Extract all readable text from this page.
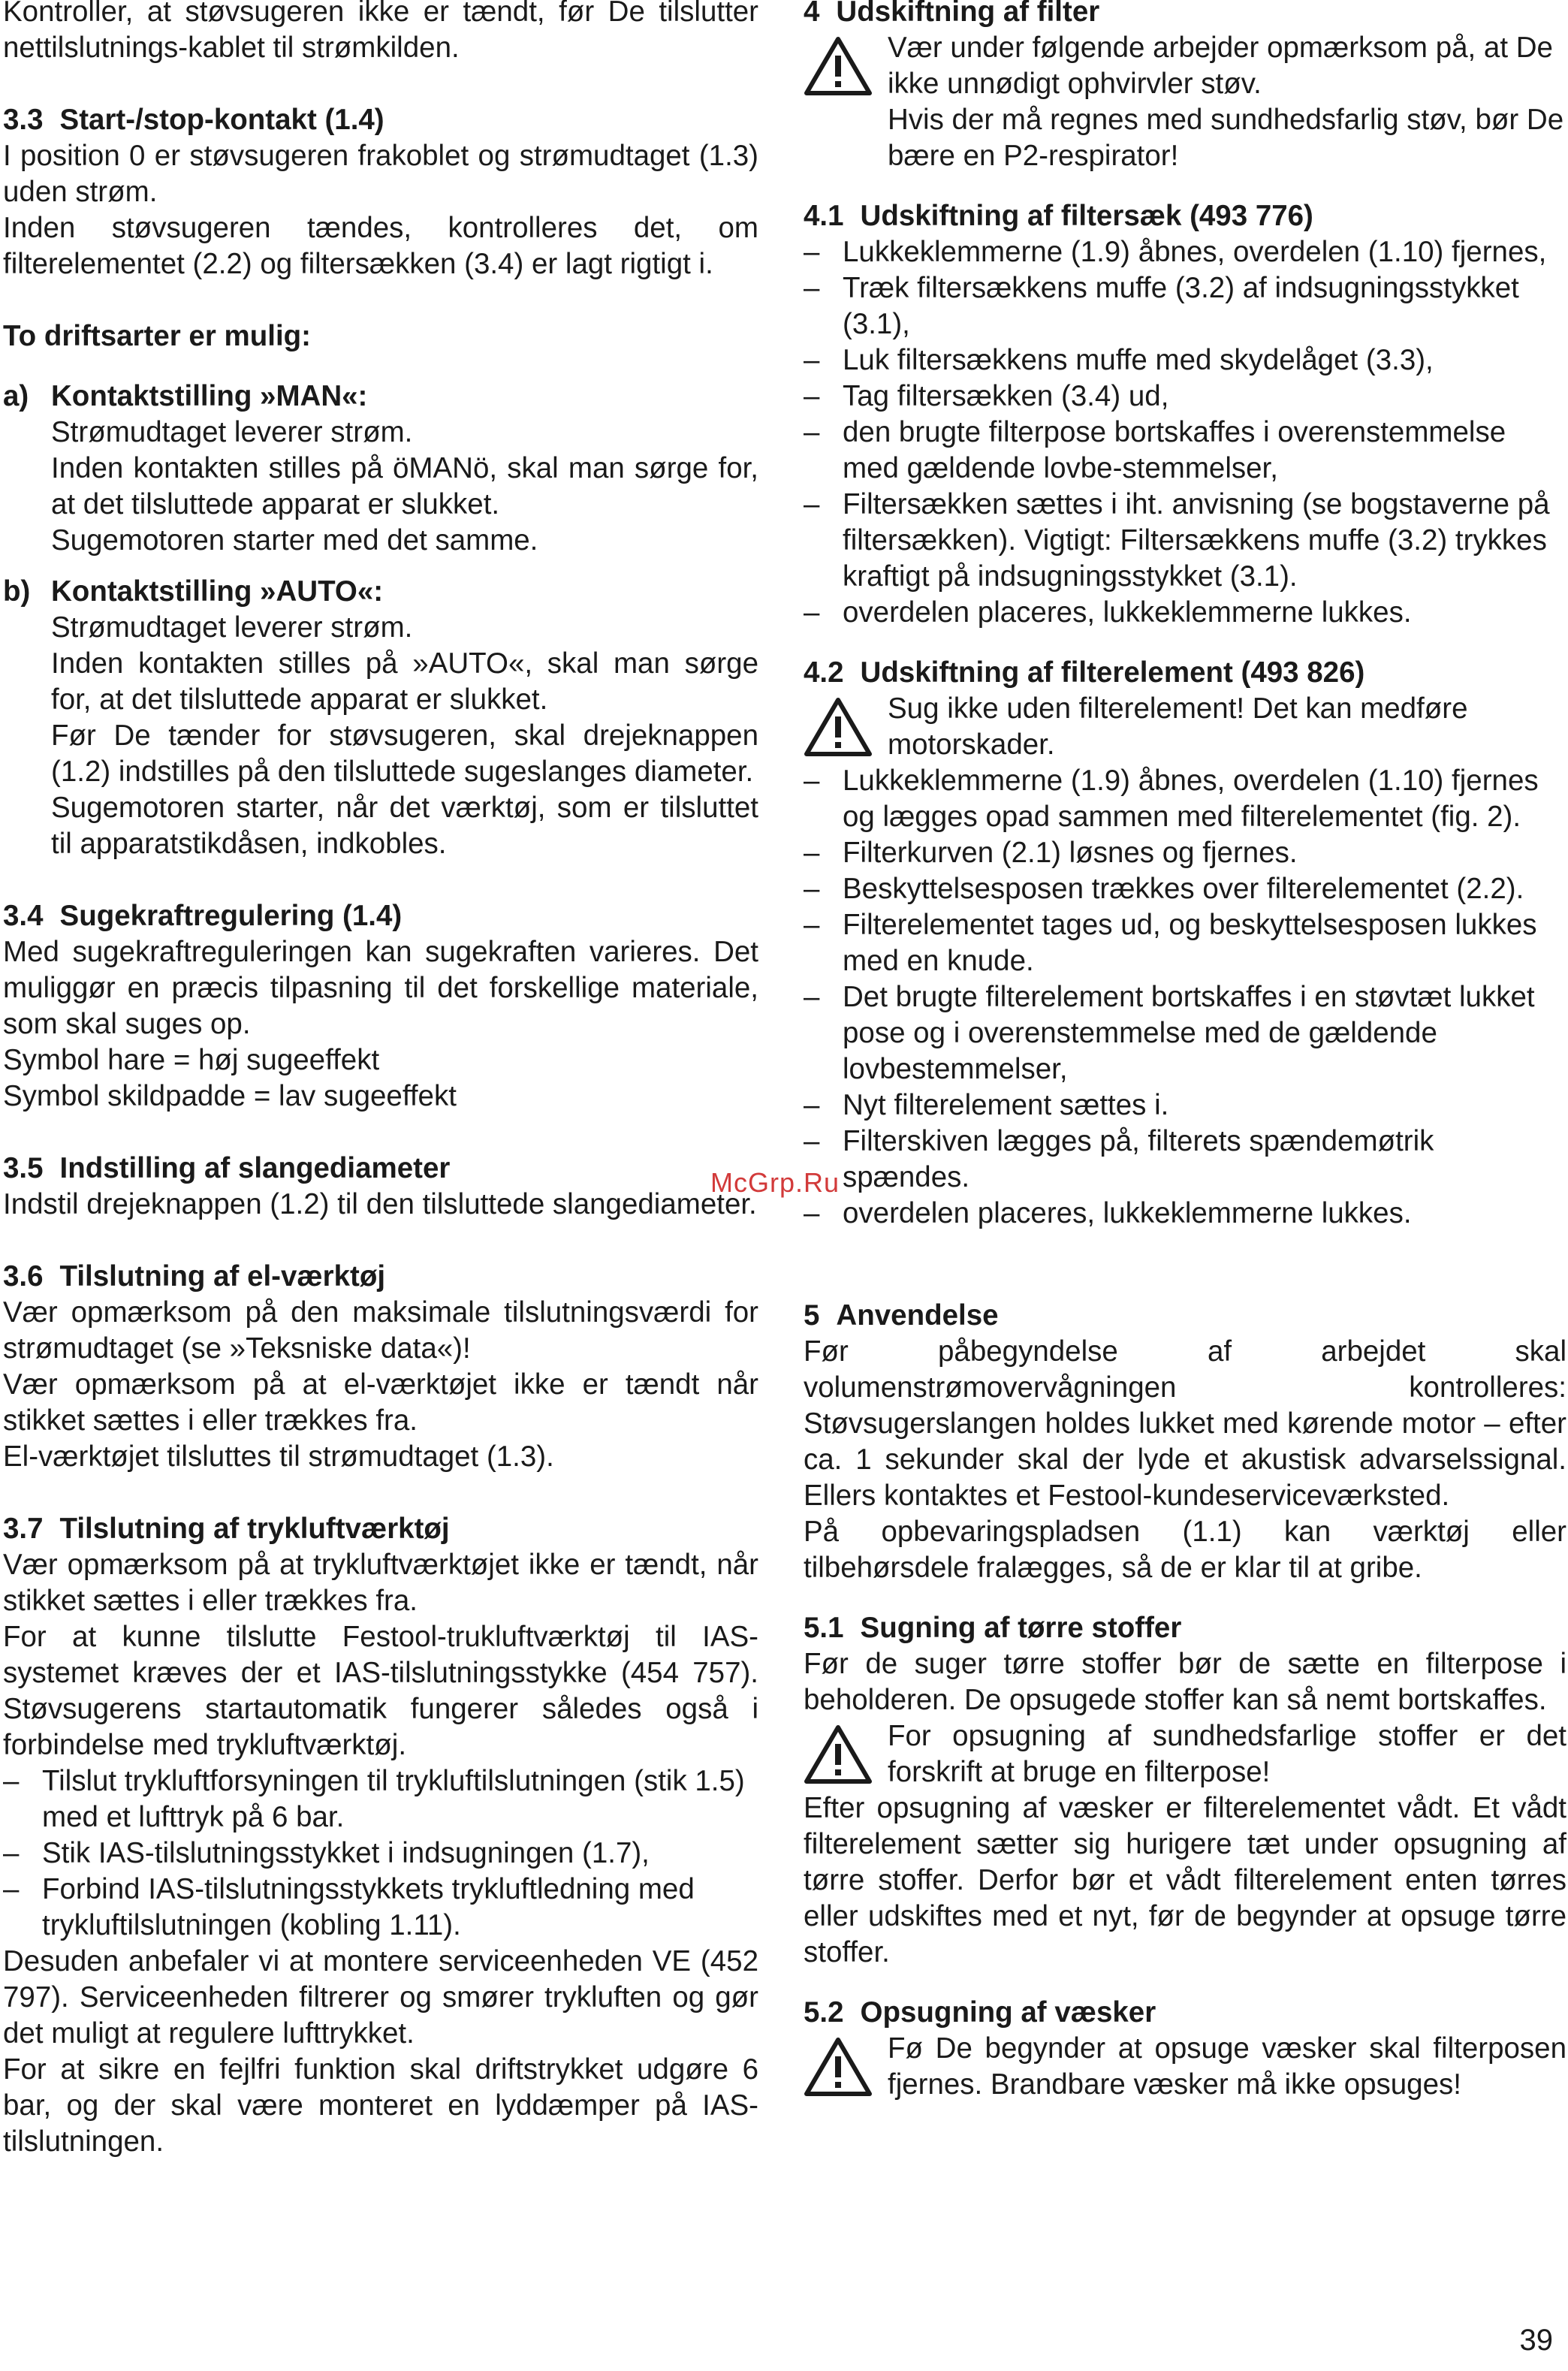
Kontroller, at støvsugeren ikke er tændt, før De tilslutter nettilslutnings-kablet til strømkilden.

3.3 Start-/stop-kontakt (1.4)

I position 0 er støvsugeren frakoblet og strømudtaget (1.3) uden strøm.

Inden støvsugeren tændes, kontrolleres det, om filterelementet (2.2) og filtersækken (3.4) er lagt rigtigt i.

To driftsarter er mulig:
a) Kontaktstilling »MAN«:

Strømudtaget leverer strøm.

Inden kontakten stilles på öMANö, skal man sørge for, at det tilsluttede apparat er slukket.

Sugemotoren starter med det samme.

b) Kontaktstilling »AUTO«:

Strømudtaget leverer strøm.

Inden kontakten stilles på »AUTO«, skal man sørge for, at det tilsluttede apparat er slukket.

Før De tænder for støvsugeren, skal drejeknappen (1.2) indstilles på den tilsluttede sugeslanges diameter.

Sugemotoren starter, når det værktøj, som er tilsluttet til apparatstikdåsen, indkobles.

3.4 Sugekraftregulering (1.4)

Med sugekraftreguleringen kan sugekraften varieres. Det muliggør en præcis tilpasning til det forskellige materiale, som skal suges op.

Symbol hare = høj sugeeffekt

Symbol skildpadde = lav sugeeffekt

3.5 Indstilling af slangediameter

Indstil drejeknappen (1.2) til den tilsluttede slangediameter.

3.6 Tilslutning af el-værktøj

Vær opmærksom på den maksimale tilslutningsværdi for strømudtaget (se »Teksniske data«)!

Vær opmærksom på at el-værktøjet ikke er tændt når stikket sættes i eller trækkes fra.

El-værktøjet tilsluttes til strømudtaget (1.3).

3.7 Tilslutning af trykluftværktøj

Vær opmærksom på at trykluftværktøjet ikke er tændt, når stikket sættes i eller trækkes fra.

For at kunne tilslutte Festool-trukluftværktøj til IAS-systemet kræves der et IAS-tilslutningsstykke (454 757). Støvsugerens startautomatik fungerer således også i forbindelse med trykluftværktøj.

– Tilslut trykluftforsyningen til trykluftilslutningen (stik 1.5) med et lufttryk på 6 bar.
– Stik IAS-tilslutningsstykket i indsugningen (1.7),
– Forbind IAS-tilslutningsstykkets trykluftledning med trykluftilslutningen (kobling 1.11).

Desuden anbefaler vi at montere serviceenheden VE (452 797). Serviceenheden filtrerer og smører trykluften og gør det muligt at regulere lufttrykket.

For at sikre en fejlfri funktion skal driftstrykket udgøre 6 bar, og der skal være monteret en lyddæmper på IAS-tilslutningen.

4 Udskiftning af filter

Vær under følgende arbejder opmærksom på, at De ikke unnødigt ophvirvler støv.

Hvis der må regnes med sundhedsfarlig støv, bør De bære en P2-respirator!

4.1 Udskiftning af filtersæk (493 776)
– Lukkeklemmerne (1.9) åbnes, overdelen (1.10) fjernes,
– Træk filtersækkens muffe (3.2) af indsugningsstykket (3.1),
– Luk filtersækkens muffe med skydelåget (3.3),
– Tag filtersækken (3.4) ud,
– den brugte filterpose bortskaffes i overenstemmelse med gældende lovbe-stemmelser,
– Filtersækken sættes i iht. anvisning (se bogstaverne på filtersækken). Vigtigt: Filtersækkens muffe (3.2) trykkes kraftigt på indsugningsstykket (3.1).
– overdelen placeres, lukkeklemmerne lukkes.
4.2 Udskiftning af filterelement (493 826)

Sug ikke uden filterelement! Det kan medføre motorskader.

– Lukkeklemmerne (1.9) åbnes, overdelen (1.10) fjernes og lægges opad sammen med filterelementet (fig. 2).
– Filterkurven (2.1) løsnes og fjernes.
– Beskyttelsesposen trækkes over filterelementet (2.2).
– Filterelementet tages ud, og beskyttelsesposen lukkes med en knude.
– Det brugte filterelement bortskaffes i en støvtæt lukket pose og i overenstemmelse med de gældende lovbestemmelser,
– Nyt filterelement sættes i.
– Filterskiven lægges på, filterets spændemøtrik spændes.
– overdelen placeres, lukkeklemmerne lukkes.
5 Anvendelse

Før påbegyndelse af arbejdet skal volumenstrømovervågningen kontrolleres: Støvsugerslangen holdes lukket med kørende motor – efter ca. 1 sekunder skal der lyde et akustisk advarselssignal. Ellers kontaktes et Festool-kundeserviceværksted.

På opbevaringspladsen (1.1) kan værktøj eller tilbehørsdele fralægges, så de er klar til at gribe.

5.1 Sugning af tørre stoffer

Før de suger tørre stoffer bør de sætte en filterpose i beholderen. De opsugede stoffer kan så nemt bortskaffes.

For opsugning af sundhedsfarlige stoffer er det forskrift at bruge en filterpose!

Efter opsugning af væsker er filterelementet vådt. Et vådt filterelement sætter sig hurigere tæt under opsugning af tørre stoffer. Derfor bør et vådt filterelement enten tørres eller udskiftes med et nyt, før de begynder at opsuge tørre stoffer.

5.2 Opsugning af væsker

Fø De begynder at opsuge væsker skal filterposen fjernes. Brandbare væsker må ikke opsuges!

McGrp.Ru
39
